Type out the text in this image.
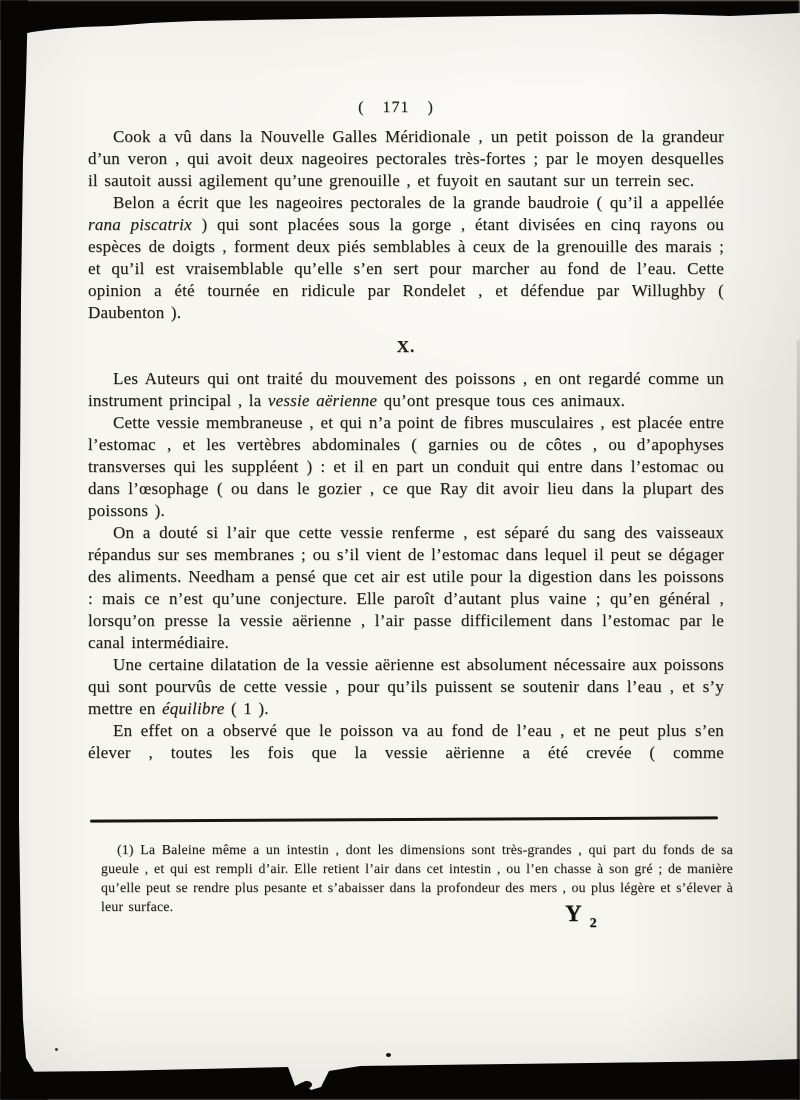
( 171 )

Cook a vû dans la Nouvelle Galles Méridionale , un petit poisson de la grandeur d’un veron , qui avoit deux nageoires pectorales très-fortes ; par le moyen desquelles il sautoit aussi agilement qu’une grenouille , et fuyoit en sautant sur un terrein sec.

Belon a écrit que les nageoires pectorales de la grande baudroie ( qu’il a appellée rana piscatrix ) qui sont placées sous la gorge , étant divisées en cinq rayons ou espèces de doigts , forment deux piés semblables à ceux de la grenouille des marais ; et qu’il est vraisemblable qu’elle s’en sert pour marcher au fond de l’eau. Cette opinion a été tournée en ridicule par Rondelet , et défendue par Willughby ( Daubenton ).

X.

Les Auteurs qui ont traité du mouvement des poissons , en ont regardé comme un instrument principal , la vessie aërienne qu’ont presque tous ces animaux.

Cette vessie membraneuse , et qui n’a point de fibres musculaires , est placée entre l’estomac , et les vertèbres abdominales ( garnies ou de côtes , ou d’apophyses transverses qui les suppléent ) : et il en part un conduit qui entre dans l’estomac ou dans l’œsophage ( ou dans le gozier , ce que Ray dit avoir lieu dans la plupart des poissons ).

On a douté si l’air que cette vessie renferme , est séparé du sang des vaisseaux répandus sur ses membranes ; ou s’il vient de l’estomac dans lequel il peut se dégager des aliments. Needham a pensé que cet air est utile pour la digestion dans les poissons : mais ce n’est qu’une conjecture. Elle paroît d’autant plus vaine ; qu’en général , lorsqu’on presse la vessie aërienne , l’air passe difficilement dans l’estomac par le canal intermédiaire.

Une certaine dilatation de la vessie aërienne est absolument nécessaire aux poissons qui sont pourvûs de cette vessie , pour qu’ils puissent se soutenir dans l’eau , et s’y mettre en équilibre ( 1 ).

En effet on a observé que le poisson va au fond de l’eau , et ne peut plus s’en élever , toutes les fois que la vessie aërienne a été crevée ( comme

(1) La Baleine même a un intestin , dont les dimensions sont très-grandes , qui part du fonds de sa gueule , et qui est rempli d’air. Elle retient l’air dans cet intestin , ou l’en chasse à son gré ; de manière qu’elle peut se rendre plus pesante et s’abaisser dans la profondeur des mers , ou plus légère et s’élever à leur surface.	Y $_2$
